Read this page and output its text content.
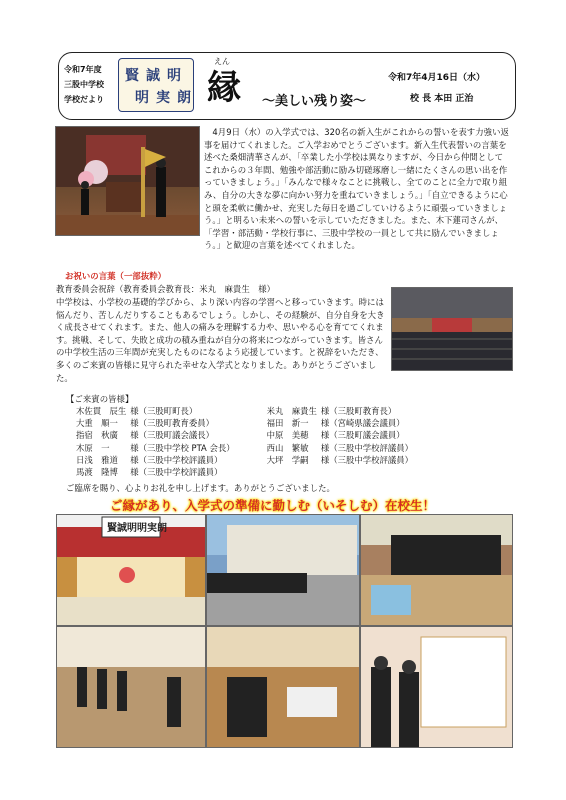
令和7年度
三股中学校
学校だより
賢 誠 明
明 実 朗
えん
縁 ～美しい残り姿～
令和7年4月16日（水）
校 長 本田 正治
　4月9日（水）の入学式では、320名の新入生がこれからの誓いを表す力強い返事を届けてくれました。ご入学おめでとうございます。新入生代表誓いの言葉を述べた桑畑清華さんが、「卒業した小学校は異なりますが、今日から仲間としてこれからの３年間、勉強や部活動に励み切磋琢磨し一緒にたくさんの思い出を作っていきましょう。」「みんなで様々なことに挑戦し、全てのことに全力で取り組み、自分の大きな夢に向かい努力を重ねていきましょう。」「自立できるように心と頭を柔軟に働かせ、充実した毎日を過ごしていけるように頑張っていきましょう。」と明るい未来への誓いを示していただきました。また、木下蓮司さんが、「学習・部活動・学校行事に、三股中学校の一員として共に励んでいきましょう。」と歓迎の言葉を述べてくれました。
お祝いの言葉（一部抜粋）
教育委員会祝辞（教育委員会教育長：米丸　麻貴生　様）
中学校は、小学校の基礎的学びから、より深い内容の学習へと移っていきます。時には悩んだり、苦しんだりすることもあるでしょう。しかし、その経験が、自分自身を大きく成長させてくれます。また、他人の痛みを理解する力や、思いやる心を育ててくれます。挑戦、そして、失敗と成功の積み重ねが自分の将来につながっていきます。皆さんの中学校生活の三年間が充実したものになるよう応援しています。と祝辞をいただき、多くのご来賓の皆様に見守られた幸せな入学式となりました。ありがとうございました。
【ご来賓の皆様】
木佐貫　辰生	様（三股町町長）	米丸　麻貴生	様（三股町教育長）
大重　順一	様（三股町教育委員）	福田　新一	様（宮崎県議会議員）
指宿　秋廣	様（三股町議会議長）	中原　美穂	様（三股町議会議員）
木原　一	様（三股中学校 PTA 会長）	西山　繁敏	様（三股中学校評議員）
日浅　雅道	様（三股中学校評議員）	大坪　学嗣	様（三股中学校評議員）
馬渡　隆博	様（三股中学校評議員）		
ご臨席を賜り、心よりお礼を申し上げます。ありがとうございました。
ご縁があり、入学式の準備に勤しむ（いそしむ）在校生！
賢誠明明実朗
